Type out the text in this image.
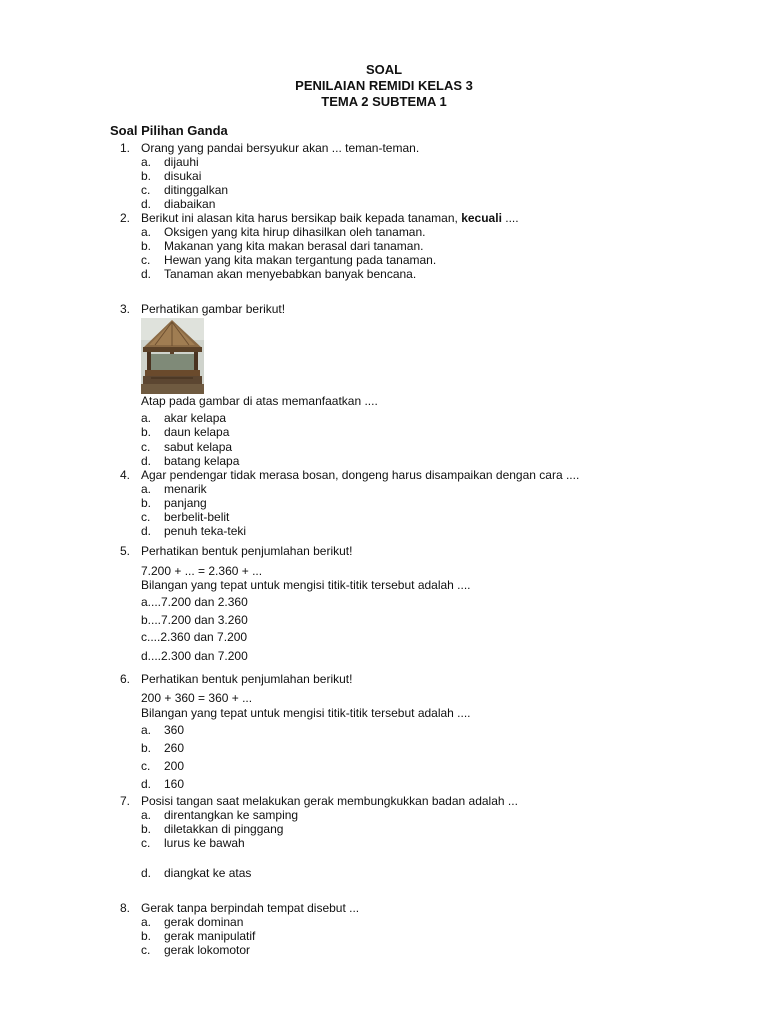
SOAL
PENILAIAN REMIDI KELAS 3
TEMA 2 SUBTEMA 1
Soal Pilihan Ganda
1. Orang yang pandai bersyukur akan ... teman-teman.
a. dijauhi
b. disukai
c. ditinggalkan
d. diabaikan
2. Berikut ini alasan kita harus bersikap baik kepada tanaman, kecuali ....
a. Oksigen yang kita hirup dihasilkan oleh tanaman.
b. Makanan yang kita makan berasal dari tanaman.
c. Hewan yang kita makan tergantung pada tanaman.
d. Tanaman akan menyebabkan banyak bencana.
3. Perhatikan gambar berikut!
Atap pada gambar di atas memanfaatkan ....
a. akar kelapa
b. daun kelapa
c. sabut kelapa
d. batang kelapa
4. Agar pendengar tidak merasa bosan, dongeng harus disampaikan dengan cara ....
a. menarik
b. panjang
c. berbelit-belit
d. penuh teka-teki
5. Perhatikan bentuk penjumlahan berikut!
7.200 + ... = 2.360 + ...
Bilangan yang tepat untuk mengisi titik-titik tersebut adalah ....
a....7.200 dan 2.360
b....7.200 dan 3.260
c....2.360 dan 7.200
d....2.300 dan 7.200
6. Perhatikan bentuk penjumlahan berikut!
200 + 360 = 360 + ...
Bilangan yang tepat untuk mengisi titik-titik tersebut adalah ....
a. 360
b. 260
c. 200
d. 160
7. Posisi tangan saat melakukan gerak membungkukkan badan adalah ...
a. direntangkan ke samping
b. diletakkan di pinggang
c. lurus ke bawah
d. diangkat ke atas
8. Gerak tanpa berpindah tempat disebut ...
a. gerak dominan
b. gerak manipulatif
c. gerak lokomotor
